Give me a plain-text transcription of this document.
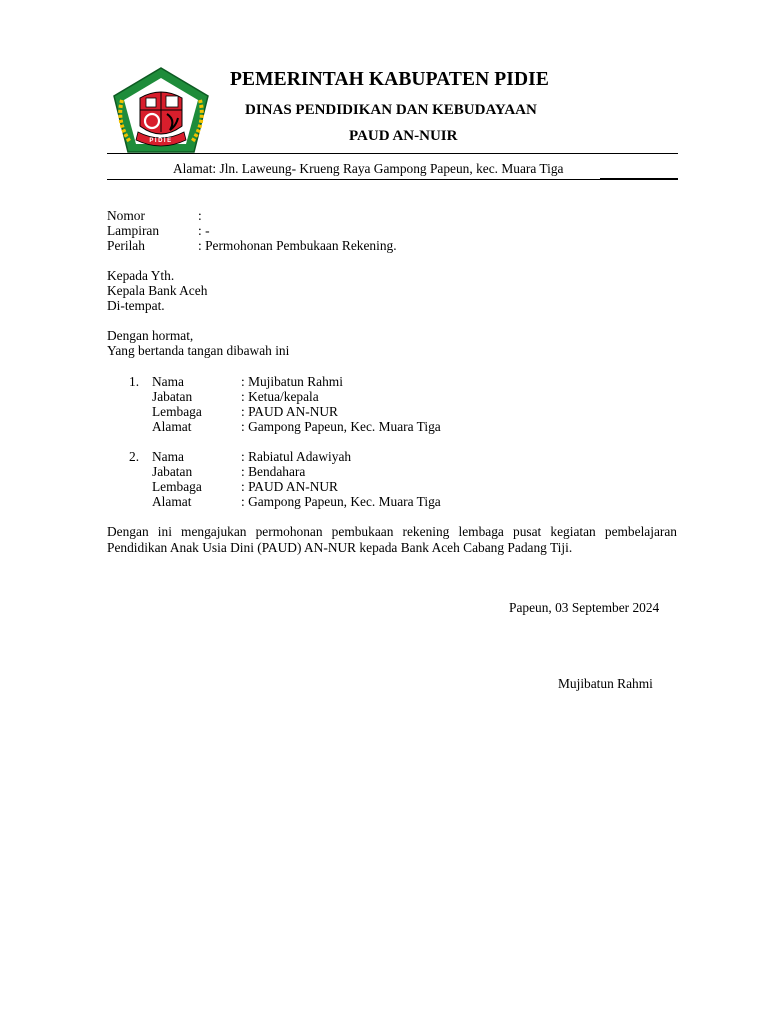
PIDIE
PEMERINTAH KABUPATEN PIDIE
DINAS PENDIDIKAN DAN KEBUDAYAAN
PAUD AN-NUIR
Alamat: Jln. Laweung- Krueng Raya Gampong Papeun, kec. Muara Tiga
Nomor	:
Lampiran	: -
Perilah	: Permohonan Pembukaan Rekening.
Kepada Yth.
Kepala Bank Aceh
Di-tempat.
Dengan hormat,
Yang bertanda tangan dibawah ini
1. Nama	: Mujibatun Rahmi
Jabatan	: Ketua/kepala
Lembaga	: PAUD AN-NUR
Alamat	: Gampong Papeun, Kec. Muara Tiga
2. Nama	: Rabiatul Adawiyah
Jabatan	: Bendahara
Lembaga	: PAUD AN-NUR
Alamat	: Gampong Papeun, Kec. Muara Tiga
Dengan ini mengajukan permohonan pembukaan rekening lembaga pusat kegiatan pembelajaran Pendidikan Anak Usia Dini (PAUD) AN-NUR kepada Bank Aceh Cabang Padang Tiji.
Papeun, 03 September 2024
Mujibatun Rahmi
